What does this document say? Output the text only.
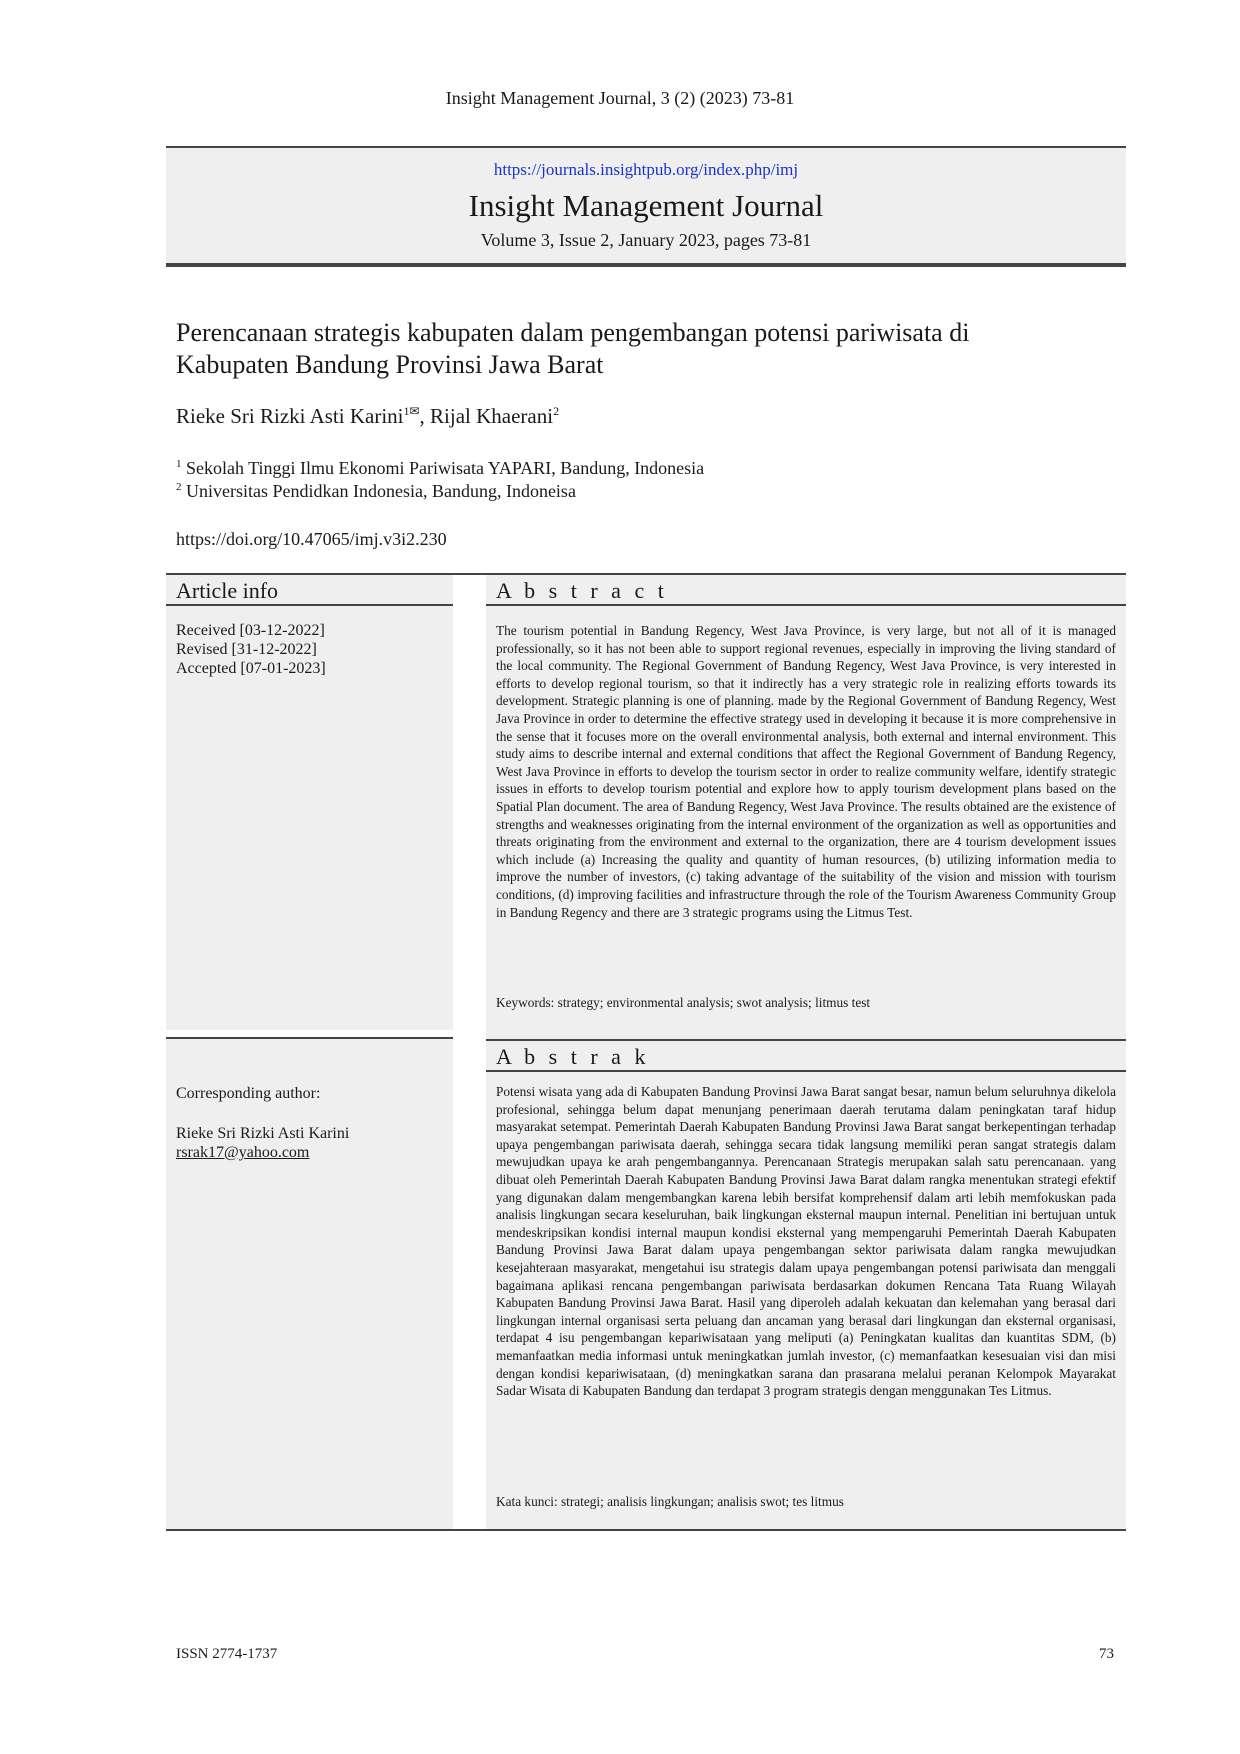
Insight Management Journal, 3 (2) (2023) 73-81
https://journals.insightpub.org/index.php/imj
Insight Management Journal
Volume 3, Issue 2, January 2023, pages 73-81
Perencanaan strategis kabupaten dalam pengembangan potensi pariwisata di Kabupaten Bandung Provinsi Jawa Barat
Rieke Sri Rizki Asti Karini$^{1✉}$, Rijal Khaerani$^2$
$^1$ Sekolah Tinggi Ilmu Ekonomi Pariwisata YAPARI, Bandung, Indonesia
$^2$ Universitas Pendidkan Indonesia, Bandung, Indoneisa
https://doi.org/10.47065/imj.v3i2.230
Article info	A b s t r a c t
A b s t r a k
Received [03-12-2022]
Revised [31-12-2022]
Accepted [07-01-2023]
Corresponding author:
Rieke Sri Rizki Asti Karini
rsrak17@yahoo.com
The tourism potential in Bandung Regency, West Java Province, is very large, but not all of it is managed professionally, so it has not been able to support regional revenues, especially in improving the living standard of the local community. The Regional Government of Bandung Regency, West Java Province, is very interested in efforts to develop regional tourism, so that it indirectly has a very strategic role in realizing efforts towards its development. Strategic planning is one of planning. made by the Regional Government of Bandung Regency, West Java Province in order to determine the effective strategy used in developing it because it is more comprehensive in the sense that it focuses more on the overall environmental analysis, both external and internal environment. This study aims to describe internal and external conditions that affect the Regional Government of Bandung Regency, West Java Province in efforts to develop the tourism sector in order to realize community welfare, identify strategic issues in efforts to develop tourism potential and explore how to apply tourism development plans based on the Spatial Plan document. The area of Bandung Regency, West Java Province. The results obtained are the existence of strengths and weaknesses originating from the internal environment of the organization as well as opportunities and threats originating from the environment and external to the organization, there are 4 tourism development issues which include (a) Increasing the quality and quantity of human resources, (b) utilizing information media to improve the number of investors, (c) taking advantage of the suitability of the vision and mission with tourism conditions, (d) improving facilities and infrastructure through the role of the Tourism Awareness Community Group in Bandung Regency and there are 3 strategic programs using the Litmus Test.
Keywords: strategy; environmental analysis; swot analysis; litmus test
Potensi wisata yang ada di Kabupaten Bandung Provinsi Jawa Barat sangat besar, namun belum seluruhnya dikelola profesional, sehingga belum dapat menunjang penerimaan daerah terutama dalam peningkatan taraf hidup masyarakat setempat. Pemerintah Daerah Kabupaten Bandung Provinsi Jawa Barat sangat berkepentingan terhadap upaya pengembangan pariwisata daerah, sehingga secara tidak langsung memiliki peran sangat strategis dalam mewujudkan upaya ke arah pengembangannya. Perencanaan Strategis merupakan salah satu perencanaan. yang dibuat oleh Pemerintah Daerah Kabupaten Bandung Provinsi Jawa Barat dalam rangka menentukan strategi efektif yang digunakan dalam mengembangkan karena lebih bersifat komprehensif dalam arti lebih memfokuskan pada analisis lingkungan secara keseluruhan, baik lingkungan eksternal maupun internal. Penelitian ini bertujuan untuk mendeskripsikan kondisi internal maupun kondisi eksternal yang mempengaruhi Pemerintah Daerah Kabupaten Bandung Provinsi Jawa Barat dalam upaya pengembangan sektor pariwisata dalam rangka mewujudkan kesejahteraan masyarakat, mengetahui isu strategis dalam upaya pengembangan potensi pariwisata dan menggali bagaimana aplikasi rencana pengembangan pariwisata berdasarkan dokumen Rencana Tata Ruang Wilayah Kabupaten Bandung Provinsi Jawa Barat. Hasil yang diperoleh adalah kekuatan dan kelemahan yang berasal dari lingkungan internal organisasi serta peluang dan ancaman yang berasal dari lingkungan dan eksternal organisasi, terdapat 4 isu pengembangan kepariwisataan yang meliputi (a) Peningkatan kualitas dan kuantitas SDM, (b) memanfaatkan media informasi untuk meningkatkan jumlah investor, (c) memanfaatkan kesesuaian visi dan misi dengan kondisi kepariwisataan, (d) meningkatkan sarana dan prasarana melalui peranan Kelompok Mayarakat Sadar Wisata di Kabupaten Bandung dan terdapat 3 program strategis dengan menggunakan Tes Litmus.
Kata kunci: strategi; analisis lingkungan; analisis swot; tes litmus
ISSN 2774-1737	73
